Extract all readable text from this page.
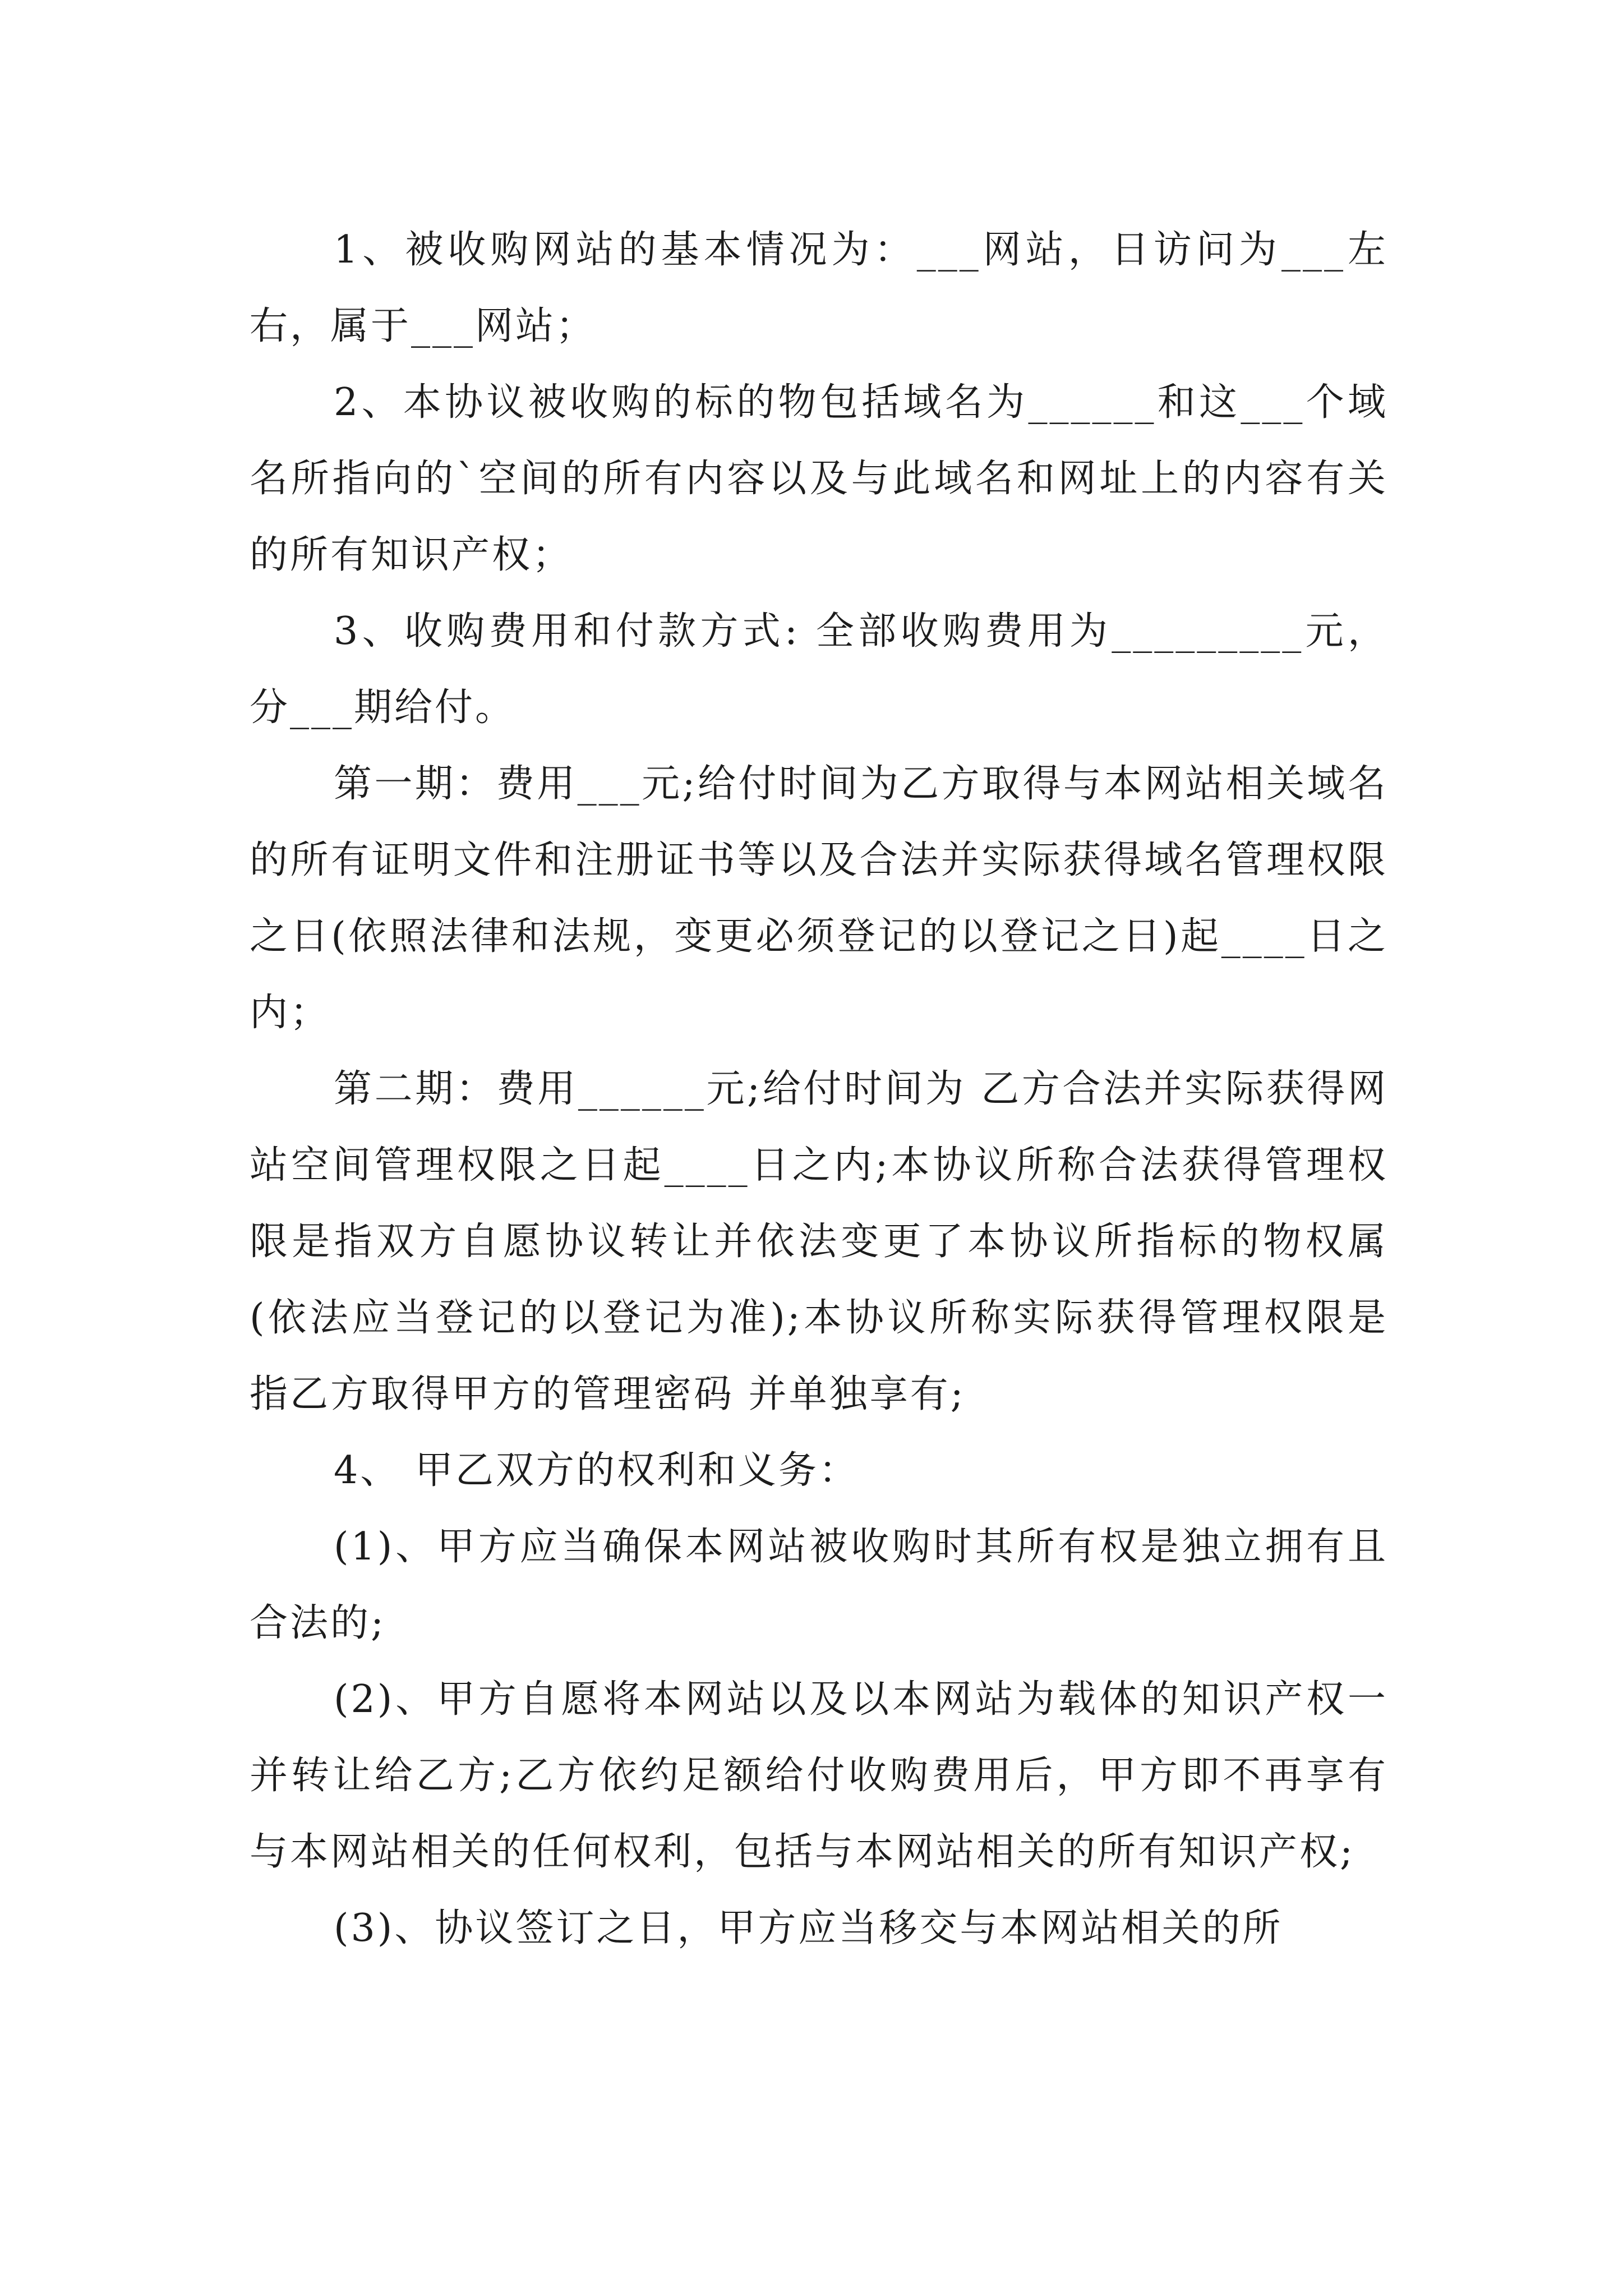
1、被收购网站的基本情况为：___网站，日访问为___左右，属于___网站；

2、本协议被收购的标的物包括域名为______和这___个域名所指向的`空间的所有内容以及与此域名和网址上的内容有关的所有知识产权；

3、收购费用和付款方式: 全部收购费用为_________元，分___期给付。

第一期：费用___元;给付时间为乙方取得与本网站相关域名的所有证明文件和注册证书等以及合法并实际获得域名管理权限之日(依照法律和法规，变更必须登记的以登记之日)起____日之内；

第二期：费用______元;给付时间为 乙方合法并实际获得网站空间管理权限之日起____日之内;本协议所称合法获得管理权限是指双方自愿协议转让并依法变更了本协议所指标的物权属(依法应当登记的以登记为准);本协议所称实际获得管理权限是指乙方取得甲方的管理密码 并单独享有;

4、 甲乙双方的权利和义务：

(1)、甲方应当确保本网站被收购时其所有权是独立拥有且合法的;

(2)、甲方自愿将本网站以及以本网站为载体的知识产权一并转让给乙方;乙方依约足额给付收购费用后，甲方即不再享有与本网站相关的任何权利，包括与本网站相关的所有知识产权;

(3)、协议签订之日，甲方应当移交与本网站相关的所
